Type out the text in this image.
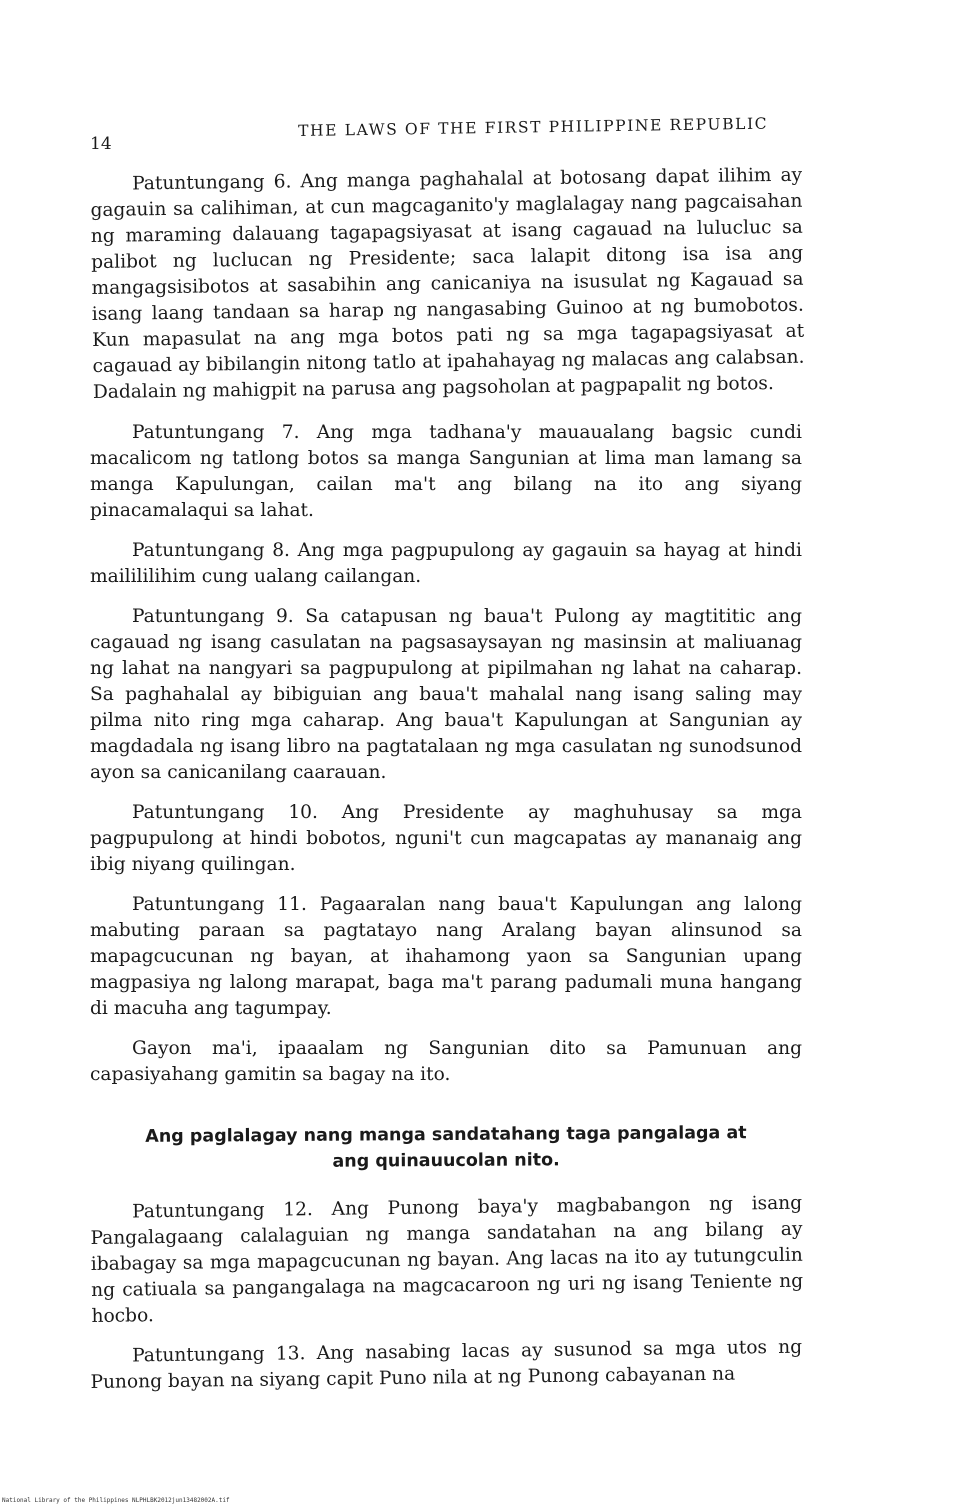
14
THE LAWS OF THE FIRST PHILIPPINE REPUBLIC

Patuntungang 6. Ang manga paghahalal at botosang dapat ilihim ay gagauin sa calihiman, at cun magcaganito'y maglalagay nang pagcaisahan ng maraming dalauang tagapagsiyasat at isang cagauad na lulucluc sa palibot ng luclucan ng Presidente; saca lalapit ditong isa isa ang mangagsisibotos at sasabihin ang canicaniya na isusulat ng Kagauad sa isang laang tandaan sa harap ng nangasabing Guinoo at ng bumobotos. Kun mapasulat na ang mga botos pati ng sa mga tagapagsiyasat at cagauad ay bibilangin nitong tatlo at ipahahayag ng malacas ang calabsan. Dadalain ng mahigpit na parusa ang pagsoholan at pagpapalit ng botos.

Patuntungang 7. Ang mga tadhana'y mauaualang bagsic cundi macalicom ng tatlong botos sa manga Sangunian at lima man lamang sa manga Kapulungan, cailan ma't ang bilang na ito ang siyang pinacamalaqui sa lahat.

Patuntungang 8. Ang mga pagpupulong ay gagauin sa hayag at hindi mailililihim cung ualang cailangan.

Patuntungang 9. Sa catapusan ng baua't Pulong ay magtititic ang cagauad ng isang casulatan na pagsasaysayan ng masinsin at maliuanag ng lahat na nangyari sa pagpupulong at pipilmahan ng lahat na caharap. Sa paghahalal ay bibiguian ang baua't mahalal nang isang saling may pilma nito ring mga caharap. Ang baua't Kapulungan at Sangunian ay magdadala ng isang libro na pagtatalaan ng mga casulatan ng sunodsunod ayon sa canicanilang caarauan.

Patuntungang 10. Ang Presidente ay maghuhusay sa mga pagpupulong at hindi bobotos, nguni't cun magcapatas ay mananaig ang ibig niyang quilingan.

Patuntungang 11. Pagaaralan nang baua't Kapulungan ang lalong mabuting paraan sa pagtatayo nang Aralang bayan alinsunod sa mapagcucunan ng bayan, at ihahamong yaon sa Sangunian upang magpasiya ng lalong marapat, baga ma't parang padumali muna hangang di macuha ang tagumpay.

Gayon ma'i, ipaaalam ng Sangunian dito sa Pamunuan ang capasiyahang gamitin sa bagay na ito.

Ang paglalagay nang manga sandatahang taga pangalaga at ang quinauucolan nito.

Patuntungang 12. Ang Punong baya'y magbabangon ng isang Pangalagaang calalaguian ng manga sandatahan na ang bilang ay ibabagay sa mga mapagcucunan ng bayan. Ang lacas na ito ay tutungculin ng catiuala sa pangangalaga na magcacaroon ng uri ng isang Teniente ng hocbo.

Patuntungang 13. Ang nasabing lacas ay susunod sa mga utos ng Punong bayan na siyang capit Puno nila at ng Punong cabayanan na

National Library of the Philippines NLPHLBK2012jun13482002A.tif
